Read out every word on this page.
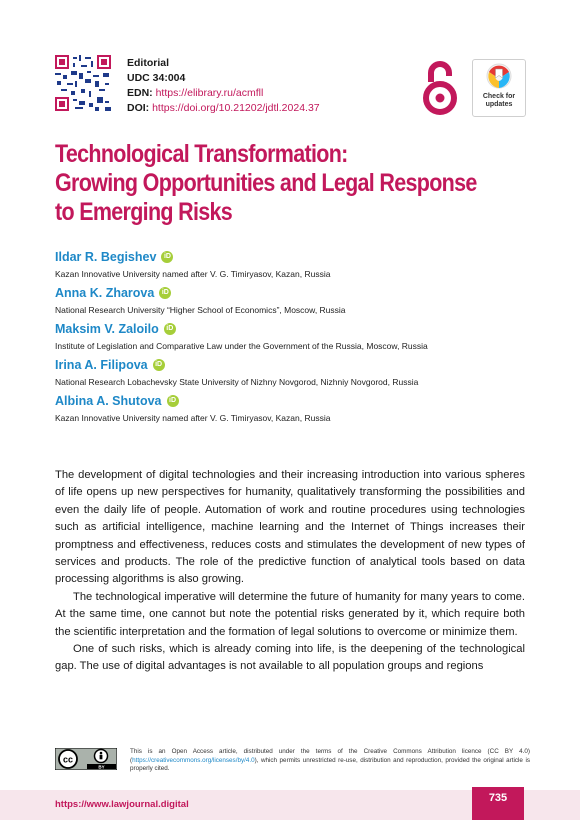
Editorial
UDC 34:004
EDN: https://elibrary.ru/acmfll
DOI: https://doi.org/10.21202/jdtl.2024.37
Check for
updates
Technological Transformation:
Growing Opportunities and Legal Response
to Emerging Risks
Ildar R. Begishev iD
Kazan Innovative University named after V. G. Timiryasov, Kazan, Russia
Anna K. Zharova iD
National Research University “Higher School of Economics”, Moscow, Russia
Maksim V. Zaloilo iD
Institute of Legislation and Comparative Law under the Government of the Russia, Moscow, Russia
Irina A. Filipova iD
National Research Lobachevsky State University of Nizhny Novgorod, Nizhniy Novgorod, Russia
Albina A. Shutova iD
Kazan Innovative University named after V. G. Timiryasov, Kazan, Russia

The development of digital technologies and their increasing introduction into various spheres of life opens up new perspectives for humanity, qualitatively transforming the possibilities and even the daily life of people. Automation of work and routine procedures using technologies such as artificial intelligence, machine learning and the Internet of Things increases their promptness and effectiveness, reduces costs and stimulates the development of new types of services and products. The role of the predictive function of analytical tools based on data processing algorithms is also growing.

The technological imperative will determine the future of humanity for many years to come. At the same time, one cannot but note the potential risks generated by it, which require both the scientific interpretation and the formation of legal solutions to overcome or minimize them.

One of such risks, which is already coming into life, is the deepening of the technological gap. The use of digital advantages is not available to all population groups and regions

cc
BY
This is an Open Access article, distributed under the terms of the Creative Commons Attribution licence (CC BY 4.0) (https://creativecommons.org/licenses/by/4.0), which permits unrestricted re-use, distribution and reproduction, provided the original article is properly cited.
https://www.lawjournal.digital
735
